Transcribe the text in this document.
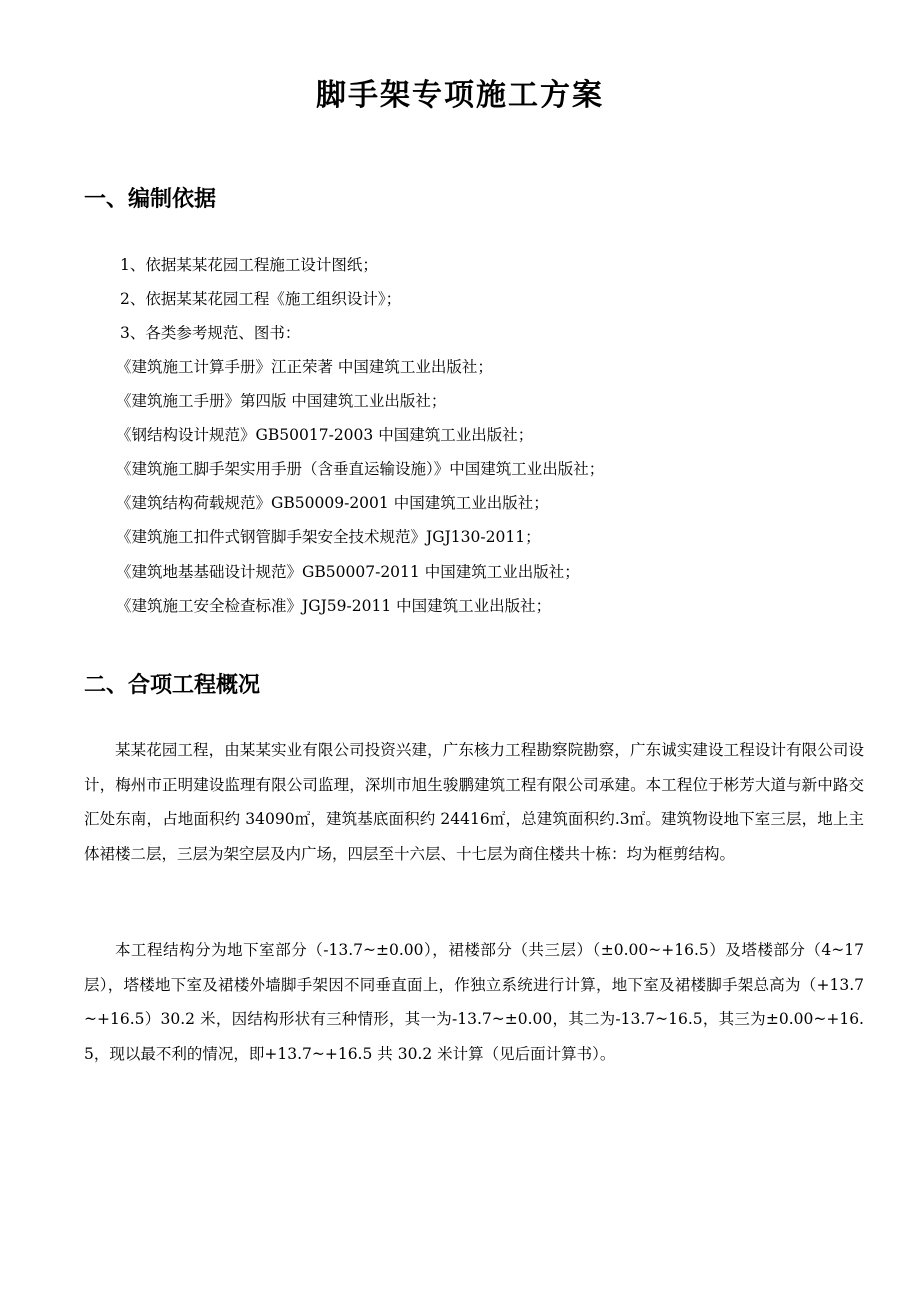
脚手架专项施工方案
一、编制依据
1、依据某某花园工程施工设计图纸；
2、依据某某花园工程《施工组织设计》；
3、各类参考规范、图书：
《建筑施工计算手册》江正荣著 中国建筑工业出版社；
《建筑施工手册》第四版 中国建筑工业出版社；
《钢结构设计规范》GB50017-2003 中国建筑工业出版社；
《建筑施工脚手架实用手册（含垂直运输设施）》中国建筑工业出版社；
《建筑结构荷载规范》GB50009-2001 中国建筑工业出版社；
《建筑施工扣件式钢管脚手架安全技术规范》JGJ130-2011；
《建筑地基基础设计规范》GB50007-2011 中国建筑工业出版社；
《建筑施工安全检查标准》JGJ59-2011 中国建筑工业出版社；
二、合项工程概况

某某花园工程，由某某实业有限公司投资兴建，广东核力工程勘察院勘察，广东诚实建设工程设计有限公司设计，梅州市正明建设监理有限公司监理，深圳市旭生骏鹏建筑工程有限公司承建。本工程位于彬芳大道与新中路交汇处东南，占地面积约 34090㎡，建筑基底面积约 24416㎡，总建筑面积约.3㎡。建筑物设地下室三层，地上主体裙楼二层，三层为架空层及内广场，四层至十六层、十七层为商住楼共十栋：均为框剪结构。

本工程结构分为地下室部分（-13.7~±0.00），裙楼部分（共三层）（±0.00~+16.5）及塔楼部分（4~17 层），塔楼地下室及裙楼外墙脚手架因不同垂直面上，作独立系统进行计算，地下室及裙楼脚手架总高为（+13.7~+16.5）30.2 米，因结构形状有三种情形，其一为-13.7~±0.00，其二为-13.7~16.5，其三为±0.00~+16.5，现以最不利的情况，即+13.7~+16.5 共 30.2 米计算（见后面计算书）。
